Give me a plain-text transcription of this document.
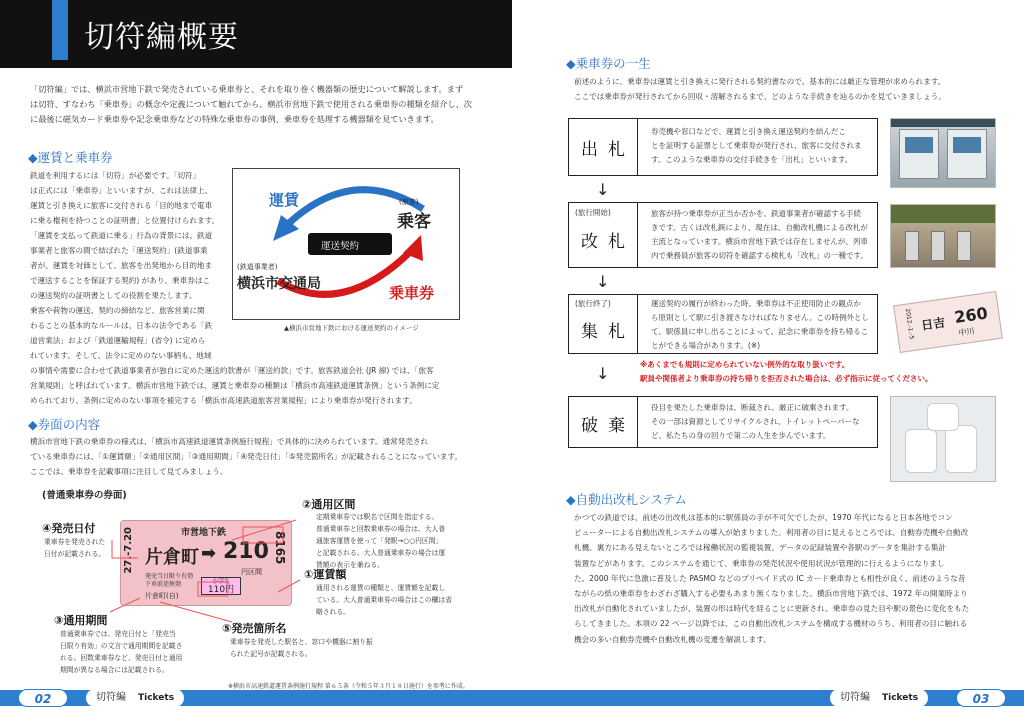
切符編概要
「切符編」では、横浜市営地下鉄で発売されている乗車券と、それを取り巻く機器類の歴史について解説します。まず
は切符、すなわち「乗車券」の概念や定義について触れてから、横浜市営地下鉄で使用される乗車券の種類を紹介し、次
に最後に磁気カード乗車券や記念乗車券などの特殊な乗車券の事例、乗車券を処理する機器類を見ていきます。
◆運賃と乗車券
鉄道を利用するには「切符」が必要です。「切符」
は正式には「乗車券」といいますが、これは法律上、
運賃と引き換えに旅客に交付される「目的地まで電車
に乗る権利を持つことの証明書」と位置付けられます。
「運賃を支払って鉄道に乗る」行為の背景には、鉄道
事業者と旅客の間で結ばれた「運送契約」(鉄道事業
者が、運賃を対価として、旅客を出発地から目的地ま
で運送することを保証する契約) があり、乗車券はこ
の運送契約の証明書としての役割を果たします。
乗客や荷物の運送、契約の締結など、旅客営業に関
わることの基本的なルールは、日本の法令である「鉄
道営業法」および「鉄道運輸規程」(省令) に定めら
れています。そして、法令に定めのない事柄も、地域
の事情や需要に合わせて鉄道事業者が独自に定めた運送約款書が「運送約款」です。旅客鉄道会社 (JR 線) では、「旅客
営業規則」と呼ばれています。横浜市営地下鉄では、運賃と乗車券の種類は「横浜市高速鉄道運賃条例」という条例に定
められており、条例に定めのない事項を補完する「横浜市高速鉄道旅客営業規程」により乗車券が発行されます。
運賃	(旅客)
乗客
運送契約
(鉄道事業者)
横浜市交通局	乗車券
▲横浜市営地下鉄における運送契約のイメージ
◆券面の内容
横浜市営地下鉄の乗車券の様式は、「横浜市高速鉄道運賃条例施行規程」で具体的に決められています。通常発売され
ている乗車券には、「①運賃額」「②通用区間」「③通用期間」「④発売日付」「⑤発売箇所名」が記載されることになっています。
ここでは、乗車券を記載事項に注目して見てみましょう。
(普通乗車券の券面)
市営地下鉄
27.-7.20 片倉町 ➡ 210
円区間
8165
発売当日限り有効
下車前途無効
片倉町(自)
小学生
110円
②通用区間
定期乗車券では駅名で区間を指定する。
普通乗車券と回数乗車券の場合は、大人普
通旅客運賃を使って「発駅→○○円区間」
と記載される。大人普通乗車券の場合は運
賃額の表示を兼ねる。
④発売日付
乗車券を発売された
日付が記載される。
①運賃額
通用される運賃の種類と、運賃額を記載し
ている。大人普通乗車券の場合はこの欄は省
略される。
③通用期間
普通乗車券では、発売日付と「発売当
日限り有効」の文言で通用期間を記載さ
れる。回数乗車券など、発売日付と通用
期間が異なる場合には記載される。
⑤発売箇所名
乗車券を発売した駅名と、窓口や機器に割り振
られた記号が記載される。
※横浜市高速鉄道運賃条例施行規程 第６５条（令和５年３月１８日施行）を参考に作成。
◆乗車券の一生
前述のように、乗車券は運賃と引き換えに発行される契約書なので、基本的には厳正な管理が求められます。
ここでは乗車券が発行されてから回収・溶解されるまで、どのような手続きを辿るのかを見ていきましょう。
出札
券売機や窓口などで、運賃と引き換え運送契約を結んだこ
とを証明する証票として乗車券が発行され、旅客に交付されま
す。このような乗車券の交付手続きを「出札」といいます。
↓
(旅行開始)
改札
旅客が持つ乗車券が正当か否かを、鉄道事業者が確認する手続
きです。古くは改札鋏により、現在は、自動改札機による改札が
主流となっています。横浜市営地下鉄では存在しませんが、列車
内で乗務員が旅客の切符を確認する検札も「改札」の一種です。
↓
(旅行終了)
集札
運送契約の履行が終わった時、乗車券は不正使用防止の観点か
ら原則として駅に引き渡さなければなりません。この時例外とし
て、駅係員に申し出ることによって、記念に乗車券を持ち帰るこ
とができる場合があります。(※)
↓	※あくまでも規則に定められていない例外的な取り扱いです。
駅員や関係者より乗車券の持ち帰りを拒否された場合は、必ず指示に従ってください。
破棄
役目を果たした乗車券は、断裁され、厳正に破棄されます。
その一部は資源としてリサイクルされ、トイレットペーパーな
ど、私たちの身の回りで第二の人生を歩んでいます。
日吉 260
中川
2012.-1.-5
◆自動出改札システム
かつての鉄道では、前述の出改札は基本的に駅係員の手が不可欠でしたが、1970 年代になると日本各地でコン
ピューターによる自動出改札システムの導入が始まりました。利用者の目に見えるところでは、自動券売機や自動改
札機、裏方にある見えないところでは稼働状況の監視装置、データの記録装置や各駅のデータを集計する集計
装置などがあります。このシステムを通じて、乗車券の発売状況や使用状況が管理的に行えるようになりまし
た。2000 年代に急激に普及した PASMO などのプリペイド式の IC カード乗車券とも相性が良く、前述のような昔
ながらの紙の乗車券をわざわざ購入する必要もあまり無くなりました。横浜市営地下鉄では、1972 年の開業時より
出改札が自動化されていましたが、装置の形は時代を経ることに更新され、乗車券の見た目や駅の景色に変化をもた
らしてきました。本項の 22 ページ以降では、この自動出改札システムを構成する機材のうち、利用者の目に触れる
機会の多い自動券売機や自動改札機の変遷を解説します。
02	切符編 Tickets	切符編 Tickets	03
